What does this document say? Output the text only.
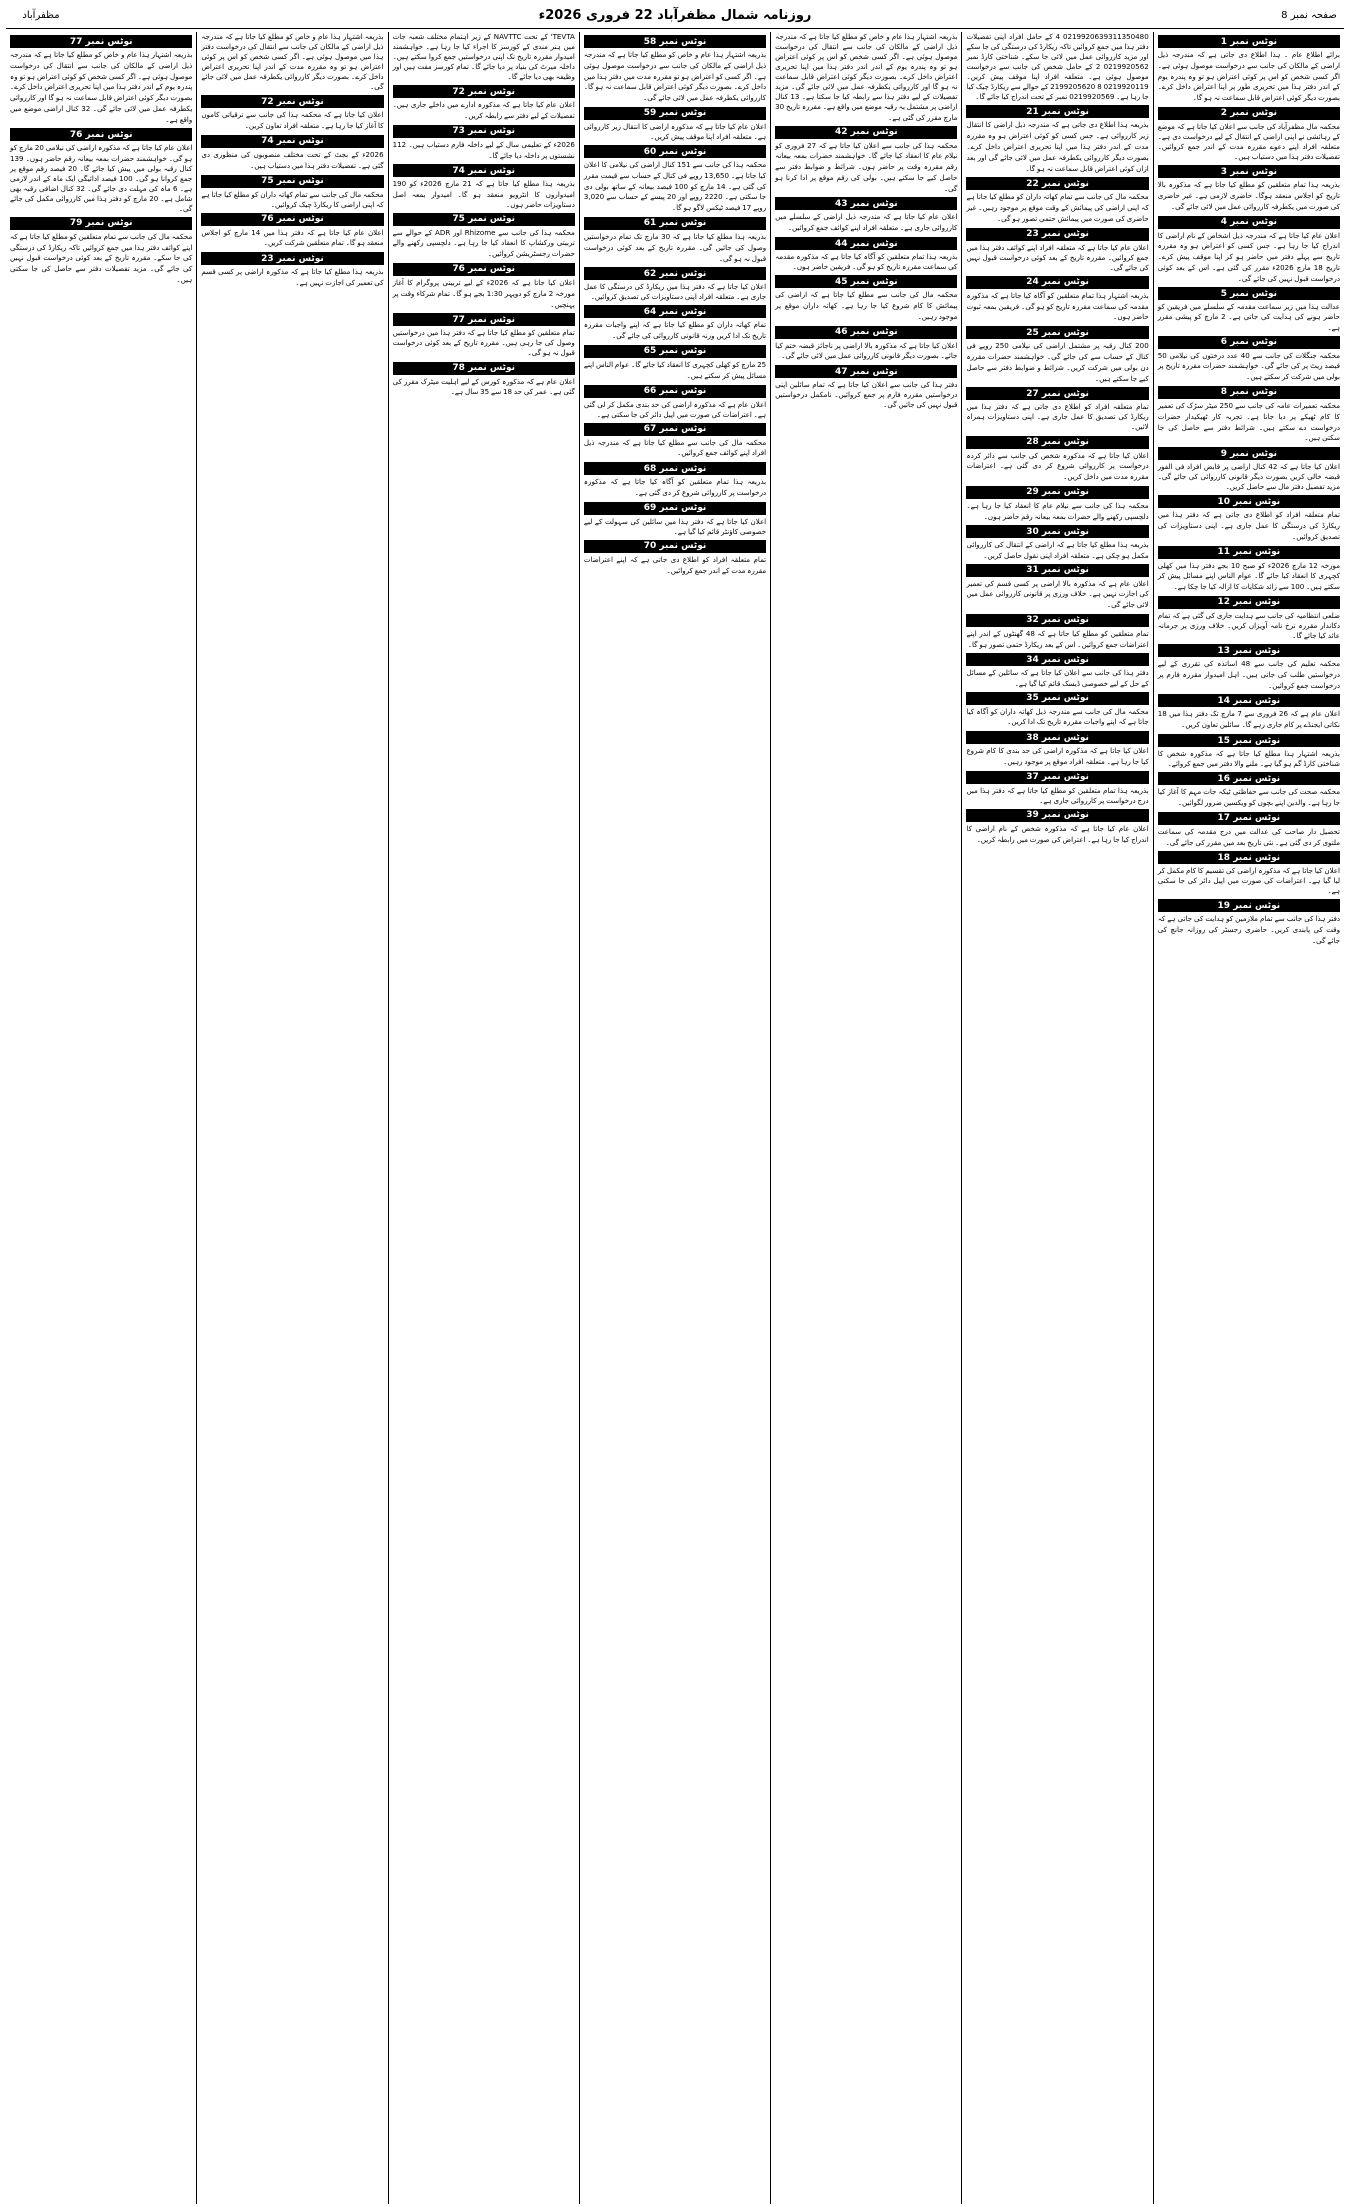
صفحہ نمبر 8
روزنامہ شمال مظفرآباد 22 فروری 2026ء
مظفرآباد
نوٹس نمبر 1
برائے اطلاع عام ۔ ہذا اطلاع دی جاتی ہے کہ مندرجہ ذیل اراضی کے مالکان کی جانب سے درخواست موصول ہوئی ہے۔ اگر کسی شخص کو اس پر کوئی اعتراض ہو تو وہ پندرہ یوم کے اندر دفتر ہذا میں تحریری طور پر اپنا اعتراض داخل کرے۔ بصورت دیگر کوئی اعتراض قابل سماعت نہ ہو گا۔
نوٹس نمبر 2
محکمہ مال مظفرآباد کی جانب سے اعلان کیا جاتا ہے کہ موضع کے رہائشی نے اپنی اراضی کے انتقال کے لیے درخواست دی ہے۔ متعلقہ افراد اپنے دعوے مقررہ مدت کے اندر جمع کروائیں۔ تفصیلات دفتر ہذا میں دستیاب ہیں۔
نوٹس نمبر 3
بذریعہ ہذا تمام متعلقین کو مطلع کیا جاتا ہے کہ مذکورہ بالا تاریخ کو اجلاس منعقد ہوگا۔ حاضری لازمی ہے۔ غیر حاضری کی صورت میں یکطرفہ کارروائی عمل میں لائی جائے گی۔
نوٹس نمبر 4
اعلان عام کیا جاتا ہے کہ مندرجہ ذیل اشخاص کے نام اراضی کا اندراج کیا جا رہا ہے۔ جس کسی کو اعتراض ہو وہ مقررہ تاریخ سے پہلے دفتر میں حاضر ہو کر اپنا موقف پیش کرے۔ تاریخ 18 مارچ 2026ء مقرر کی گئی ہے۔ اس کے بعد کوئی درخواست قبول نہیں کی جائے گی۔
نوٹس نمبر 5
عدالت ہذا میں زیر سماعت مقدمہ کے سلسلے میں فریقین کو حاضر ہونے کی ہدایت کی جاتی ہے۔ 2 مارچ کو پیشی مقرر ہے۔
نوٹس نمبر 6
محکمہ جنگلات کی جانب سے 40 عدد درختوں کی نیلامی 50 فیصد ریٹ پر کی جائے گی۔ خواہشمند حضرات مقررہ تاریخ پر بولی میں شرکت کر سکتے ہیں۔
نوٹس نمبر 8
محکمہ تعمیرات عامہ کی جانب سے 250 میٹر سڑک کی تعمیر کا کام ٹھیکے پر دیا جانا ہے۔ تجربہ کار ٹھیکیدار حضرات درخواست دے سکتے ہیں۔ شرائط دفتر سے حاصل کی جا سکتی ہیں۔
نوٹس نمبر 9
اعلان کیا جاتا ہے کہ 42 کنال اراضی پر قابض افراد فی الفور قبضہ خالی کریں بصورت دیگر قانونی کارروائی کی جائے گی۔ مزید تفصیل دفتر مال سے حاصل کریں۔
نوٹس نمبر 10
تمام متعلقہ افراد کو اطلاع دی جاتی ہے کہ دفتر ہذا میں ریکارڈ کی درستگی کا عمل جاری ہے۔ اپنی دستاویزات کی تصدیق کروائیں۔
نوٹس نمبر 11
مورخہ 12 مارچ 2026ء کو صبح 10 بجے دفتر ہذا میں کھلی کچہری کا انعقاد کیا جائے گا۔ عوام الناس اپنے مسائل پیش کر سکتے ہیں۔ 100 سے زائد شکایات کا ازالہ کیا جا چکا ہے۔
نوٹس نمبر 12
ضلعی انتظامیہ کی جانب سے ہدایت جاری کی گئی ہے کہ تمام دکاندار مقررہ نرخ نامہ آویزاں کریں۔ خلاف ورزی پر جرمانہ عائد کیا جائے گا۔
نوٹس نمبر 13
محکمہ تعلیم کی جانب سے 48 اساتذہ کی تقرری کے لیے درخواستیں طلب کی جاتی ہیں۔ اہل امیدوار مقررہ فارم پر درخواست جمع کروائیں۔
نوٹس نمبر 14
اعلان عام ہے کہ 26 فروری سے 7 مارچ تک دفتر ہذا میں 18 نکاتی ایجنڈے پر کام جاری رہے گا۔ سائلین تعاون کریں۔
نوٹس نمبر 15
بذریعہ اشتہار ہذا مطلع کیا جاتا ہے کہ مذکورہ شخص کا شناختی کارڈ گم ہو گیا ہے۔ ملنے والا دفتر میں جمع کروائے۔
نوٹس نمبر 16
محکمہ صحت کی جانب سے حفاظتی ٹیکہ جات مہم کا آغاز کیا جا رہا ہے۔ والدین اپنے بچوں کو ویکسین ضرور لگوائیں۔
نوٹس نمبر 17
تحصیل دار صاحب کی عدالت میں درج مقدمہ کی سماعت ملتوی کر دی گئی ہے۔ نئی تاریخ بعد میں مقرر کی جائے گی۔
نوٹس نمبر 18
اعلان کیا جاتا ہے کہ مذکورہ اراضی کی تقسیم کا کام مکمل کر لیا گیا ہے۔ اعتراضات کی صورت میں اپیل دائر کی جا سکتی ہے۔
نوٹس نمبر 19
دفتر ہذا کی جانب سے تمام ملازمین کو ہدایت کی جاتی ہے کہ وقت کی پابندی کریں۔ حاضری رجسٹر کی روزانہ جانچ کی جائے گی۔
0219920639311350480 4 کے حامل افراد اپنی تفصیلات دفتر ہذا میں جمع کروائیں تاکہ ریکارڈ کی درستگی کی جا سکے اور مزید کارروائی عمل میں لائی جا سکے۔ شناختی کارڈ نمبر 0219920562 2 کے حامل شخص کی جانب سے درخواست موصول ہوئی ہے۔ متعلقہ افراد اپنا موقف پیش کریں۔ 0219920119 8 2199205620 کے حوالے سے ریکارڈ چیک کیا جا رہا ہے۔ 0219920569 نمبر کے تحت اندراج کیا جائے گا۔
نوٹس نمبر 21
بذریعہ ہذا اطلاع دی جاتی ہے کہ مندرجہ ذیل اراضی کا انتقال زیر کارروائی ہے۔ جس کسی کو کوئی اعتراض ہو وہ مقررہ مدت کے اندر دفتر ہذا میں اپنا تحریری اعتراض داخل کرے۔ بصورت دیگر کارروائی یکطرفہ عمل میں لائی جائے گی اور بعد ازاں کوئی اعتراض قابل سماعت نہ ہو گا۔
نوٹس نمبر 22
محکمہ مال کی جانب سے تمام کھاتہ داران کو مطلع کیا جاتا ہے کہ اپنی اراضی کی پیمائش کے وقت موقع پر موجود رہیں۔ غیر حاضری کی صورت میں پیمائش حتمی تصور ہو گی۔
نوٹس نمبر 23
اعلان عام کیا جاتا ہے کہ متعلقہ افراد اپنے کوائف دفتر ہذا میں جمع کروائیں۔ مقررہ تاریخ کے بعد کوئی درخواست قبول نہیں کی جائے گی۔
نوٹس نمبر 24
بذریعہ اشتہار ہذا تمام متعلقین کو آگاہ کیا جاتا ہے کہ مذکورہ مقدمہ کی سماعت مقررہ تاریخ کو ہو گی۔ فریقین بمعہ ثبوت حاضر ہوں۔
نوٹس نمبر 25
200 کنال رقبہ پر مشتمل اراضی کی نیلامی 250 روپے فی کنال کے حساب سے کی جائے گی۔ خواہشمند حضرات مقررہ دن بولی میں شرکت کریں۔ شرائط و ضوابط دفتر سے حاصل کیے جا سکتے ہیں۔
نوٹس نمبر 27
تمام متعلقہ افراد کو اطلاع دی جاتی ہے کہ دفتر ہذا میں ریکارڈ کی تصدیق کا عمل جاری ہے۔ اپنی دستاویزات ہمراہ لائیں۔
نوٹس نمبر 28
اعلان کیا جاتا ہے کہ مذکورہ شخص کی جانب سے دائر کردہ درخواست پر کارروائی شروع کر دی گئی ہے۔ اعتراضات مقررہ مدت میں داخل کریں۔
نوٹس نمبر 29
محکمہ ہذا کی جانب سے نیلام عام کا انعقاد کیا جا رہا ہے۔ دلچسپی رکھنے والے حضرات بمعہ بیعانہ رقم حاضر ہوں۔
نوٹس نمبر 30
بذریعہ ہذا مطلع کیا جاتا ہے کہ اراضی کے انتقال کی کارروائی مکمل ہو چکی ہے۔ متعلقہ افراد اپنی نقول حاصل کریں۔
نوٹس نمبر 31
اعلان عام ہے کہ مذکورہ بالا اراضی پر کسی قسم کی تعمیر کی اجازت نہیں ہے۔ خلاف ورزی پر قانونی کارروائی عمل میں لائی جائے گی۔
نوٹس نمبر 32
تمام متعلقین کو مطلع کیا جاتا ہے کہ 48 گھنٹوں کے اندر اپنے اعتراضات جمع کروائیں۔ اس کے بعد ریکارڈ حتمی تصور ہو گا۔
نوٹس نمبر 34
دفتر ہذا کی جانب سے اعلان کیا جاتا ہے کہ سائلین کے مسائل کے حل کے لیے خصوصی ڈیسک قائم کیا گیا ہے۔
نوٹس نمبر 35
محکمہ مال کی جانب سے مندرجہ ذیل کھاتہ داران کو آگاہ کیا جاتا ہے کہ اپنے واجبات مقررہ تاریخ تک ادا کریں۔
نوٹس نمبر 38
اعلان کیا جاتا ہے کہ مذکورہ اراضی کی حد بندی کا کام شروع کیا جا رہا ہے۔ متعلقہ افراد موقع پر موجود رہیں۔
نوٹس نمبر 37
بذریعہ ہذا تمام متعلقین کو مطلع کیا جاتا ہے کہ دفتر ہذا میں درج درخواست پر کارروائی جاری ہے۔
نوٹس نمبر 39
اعلان عام کیا جاتا ہے کہ مذکورہ شخص کے نام اراضی کا اندراج کیا جا رہا ہے۔ اعتراض کی صورت میں رابطہ کریں۔
بذریعہ اشتہار ہذا عام و خاص کو مطلع کیا جاتا ہے کہ مندرجہ ذیل اراضی کے مالکان کی جانب سے انتقال کی درخواست موصول ہوئی ہے۔ اگر کسی شخص کو اس پر کوئی اعتراض ہو تو وہ پندرہ یوم کے اندر اندر دفتر ہذا میں اپنا تحریری اعتراض داخل کرے۔ بصورت دیگر کوئی اعتراض قابل سماعت نہ ہو گا اور کارروائی یکطرفہ عمل میں لائی جائے گی۔ مزید تفصیلات کے لیے دفتر ہذا سے رابطہ کیا جا سکتا ہے۔ 13 کنال اراضی پر مشتمل یہ رقبہ موضع میں واقع ہے۔ مقررہ تاریخ 30 مارچ مقرر کی گئی ہے۔
نوٹس نمبر 42
محکمہ ہذا کی جانب سے اعلان کیا جاتا ہے کہ 27 فروری کو نیلام عام کا انعقاد کیا جائے گا۔ خواہشمند حضرات بمعہ بیعانہ رقم مقررہ وقت پر حاضر ہوں۔ شرائط و ضوابط دفتر سے حاصل کیے جا سکتے ہیں۔ بولی کی رقم موقع پر ادا کرنا ہو گی۔
نوٹس نمبر 43
اعلان عام کیا جاتا ہے کہ مندرجہ ذیل اراضی کے سلسلے میں کارروائی جاری ہے۔ متعلقہ افراد اپنے کوائف جمع کروائیں۔
نوٹس نمبر 44
بذریعہ ہذا تمام متعلقین کو آگاہ کیا جاتا ہے کہ مذکورہ مقدمہ کی سماعت مقررہ تاریخ کو ہو گی۔ فریقین حاضر ہوں۔
نوٹس نمبر 45
محکمہ مال کی جانب سے مطلع کیا جاتا ہے کہ اراضی کی پیمائش کا کام شروع کیا جا رہا ہے۔ کھاتہ داران موقع پر موجود رہیں۔
نوٹس نمبر 46
اعلان کیا جاتا ہے کہ مذکورہ بالا اراضی پر ناجائز قبضہ ختم کیا جائے۔ بصورت دیگر قانونی کارروائی عمل میں لائی جائے گی۔
نوٹس نمبر 47
دفتر ہذا کی جانب سے اعلان کیا جاتا ہے کہ تمام سائلین اپنی درخواستیں مقررہ فارم پر جمع کروائیں۔ نامکمل درخواستیں قبول نہیں کی جائیں گی۔
نوٹس نمبر 58
بذریعہ اشتہار ہذا عام و خاص کو مطلع کیا جاتا ہے کہ مندرجہ ذیل اراضی کے مالکان کی جانب سے درخواست موصول ہوئی ہے۔ اگر کسی کو اعتراض ہو تو مقررہ مدت میں دفتر ہذا میں داخل کرے۔ بصورت دیگر کوئی اعتراض قابل سماعت نہ ہو گا۔ کارروائی یکطرفہ عمل میں لائی جائے گی۔
نوٹس نمبر 59
اعلان عام کیا جاتا ہے کہ مذکورہ اراضی کا انتقال زیر کارروائی ہے۔ متعلقہ افراد اپنا موقف پیش کریں۔
نوٹس نمبر 60
محکمہ ہذا کی جانب سے 151 کنال اراضی کی نیلامی کا اعلان کیا جاتا ہے۔ 13,650 روپے فی کنال کے حساب سے قیمت مقرر کی گئی ہے۔ 14 مارچ کو 100 فیصد بیعانہ کے ساتھ بولی دی جا سکتی ہے۔ 2220 روپے اور 20 پیسے کے حساب سے 3,020 روپے 17 فیصد ٹیکس لاگو ہو گا۔
نوٹس نمبر 61
بذریعہ ہذا مطلع کیا جاتا ہے کہ 30 مارچ تک تمام درخواستیں وصول کی جائیں گی۔ مقررہ تاریخ کے بعد کوئی درخواست قبول نہ ہو گی۔
نوٹس نمبر 62
اعلان کیا جاتا ہے کہ دفتر ہذا میں ریکارڈ کی درستگی کا عمل جاری ہے۔ متعلقہ افراد اپنی دستاویزات کی تصدیق کروائیں۔
نوٹس نمبر 64
تمام کھاتہ داران کو مطلع کیا جاتا ہے کہ اپنے واجبات مقررہ تاریخ تک ادا کریں ورنہ قانونی کارروائی کی جائے گی۔
نوٹس نمبر 65
25 مارچ کو کھلی کچہری کا انعقاد کیا جائے گا۔ عوام الناس اپنے مسائل پیش کر سکتے ہیں۔
نوٹس نمبر 66
اعلان عام ہے کہ مذکورہ اراضی کی حد بندی مکمل کر لی گئی ہے۔ اعتراضات کی صورت میں اپیل دائر کی جا سکتی ہے۔
نوٹس نمبر 67
محکمہ مال کی جانب سے مطلع کیا جاتا ہے کہ مندرجہ ذیل افراد اپنے کوائف جمع کروائیں۔
نوٹس نمبر 68
بذریعہ ہذا تمام متعلقین کو آگاہ کیا جاتا ہے کہ مذکورہ درخواست پر کارروائی شروع کر دی گئی ہے۔
نوٹس نمبر 69
اعلان کیا جاتا ہے کہ دفتر ہذا میں سائلین کی سہولت کے لیے خصوصی کاؤنٹر قائم کیا گیا ہے۔
نوٹس نمبر 70
تمام متعلقہ افراد کو اطلاع دی جاتی ہے کہ اپنے اعتراضات مقررہ مدت کے اندر جمع کروائیں۔
TEVTA' کے تحت NAVTTC کے زیر اہتمام مختلف شعبہ جات میں ہنر مندی کے کورسز کا اجراء کیا جا رہا ہے۔ خواہشمند امیدوار مقررہ تاریخ تک اپنی درخواستیں جمع کروا سکتے ہیں۔ داخلہ میرٹ کی بنیاد پر دیا جائے گا۔ تمام کورسز مفت ہیں اور وظیفہ بھی دیا جائے گا۔
نوٹس نمبر 72
اعلان عام کیا جاتا ہے کہ مذکورہ ادارے میں داخلے جاری ہیں۔ تفصیلات کے لیے دفتر سے رابطہ کریں۔
نوٹس نمبر 73
2026ء کے تعلیمی سال کے لیے داخلہ فارم دستیاب ہیں۔ 112 نشستوں پر داخلہ دیا جائے گا۔
نوٹس نمبر 74
بذریعہ ہذا مطلع کیا جاتا ہے کہ 21 مارچ 2026ء کو 190 امیدواروں کا انٹرویو منعقد ہو گا۔ امیدوار بمعہ اصل دستاویزات حاضر ہوں۔
نوٹس نمبر 75
محکمہ ہذا کی جانب سے Rhizome اور ADR کے حوالے سے تربیتی ورکشاپ کا انعقاد کیا جا رہا ہے۔ دلچسپی رکھنے والے حضرات رجسٹریشن کروائیں۔
نوٹس نمبر 76
اعلان کیا جاتا ہے کہ 2026ء کے لیے تربیتی پروگرام کا آغاز مورخہ 2 مارچ کو دوپہر 1:30 بجے ہو گا۔ تمام شرکاء وقت پر پہنچیں۔
نوٹس نمبر 77
تمام متعلقین کو مطلع کیا جاتا ہے کہ دفتر ہذا میں درخواستیں وصول کی جا رہی ہیں۔ مقررہ تاریخ کے بعد کوئی درخواست قبول نہ ہو گی۔
نوٹس نمبر 78
اعلان عام ہے کہ مذکورہ کورس کے لیے اہلیت میٹرک مقرر کی گئی ہے۔ عمر کی حد 18 سے 35 سال ہے۔
بذریعہ اشتہار ہذا عام و خاص کو مطلع کیا جاتا ہے کہ مندرجہ ذیل اراضی کے مالکان کی جانب سے انتقال کی درخواست دفتر ہذا میں موصول ہوئی ہے۔ اگر کسی شخص کو اس پر کوئی اعتراض ہو تو وہ مقررہ مدت کے اندر اپنا تحریری اعتراض داخل کرے۔ بصورت دیگر کارروائی یکطرفہ عمل میں لائی جائے گی۔
نوٹس نمبر 72
اعلان کیا جاتا ہے کہ محکمہ ہذا کی جانب سے ترقیاتی کاموں کا آغاز کیا جا رہا ہے۔ متعلقہ افراد تعاون کریں۔
نوٹس نمبر 74
2026ء کے بجٹ کے تحت مختلف منصوبوں کی منظوری دی گئی ہے۔ تفصیلات دفتر ہذا میں دستیاب ہیں۔
نوٹس نمبر 75
محکمہ مال کی جانب سے تمام کھاتہ داران کو مطلع کیا جاتا ہے کہ اپنی اراضی کا ریکارڈ چیک کروائیں۔
نوٹس نمبر 76
اعلان عام کیا جاتا ہے کہ دفتر ہذا میں 14 مارچ کو اجلاس منعقد ہو گا۔ تمام متعلقین شرکت کریں۔
نوٹس نمبر 23
بذریعہ ہذا مطلع کیا جاتا ہے کہ مذکورہ اراضی پر کسی قسم کی تعمیر کی اجازت نہیں ہے۔
نوٹس نمبر 77
بذریعہ اشتہار ہذا عام و خاص کو مطلع کیا جاتا ہے کہ مندرجہ ذیل اراضی کے مالکان کی جانب سے انتقال کی درخواست موصول ہوئی ہے۔ اگر کسی شخص کو کوئی اعتراض ہو تو وہ پندرہ یوم کے اندر دفتر ہذا میں اپنا تحریری اعتراض داخل کرے۔ بصورت دیگر کوئی اعتراض قابل سماعت نہ ہو گا اور کارروائی یکطرفہ عمل میں لائی جائے گی۔ 32 کنال اراضی موضع میں واقع ہے۔
نوٹس نمبر 76
اعلان عام کیا جاتا ہے کہ مذکورہ اراضی کی نیلامی 20 مارچ کو ہو گی۔ خواہشمند حضرات بمعہ بیعانہ رقم حاضر ہوں۔ 139 کنال رقبہ بولی میں پیش کیا جائے گا۔ 20 فیصد رقم موقع پر جمع کروانا ہو گی۔ 100 فیصد ادائیگی ایک ماہ کے اندر لازمی ہے۔ 6 ماہ کی مہلت دی جائے گی۔ 32 کنال اضافی رقبہ بھی شامل ہے۔ 20 مارچ کو دفتر ہذا میں کارروائی مکمل کی جائے گی۔
نوٹس نمبر 79
محکمہ مال کی جانب سے تمام متعلقین کو مطلع کیا جاتا ہے کہ اپنے کوائف دفتر ہذا میں جمع کروائیں تاکہ ریکارڈ کی درستگی کی جا سکے۔ مقررہ تاریخ کے بعد کوئی درخواست قبول نہیں کی جائے گی۔ مزید تفصیلات دفتر سے حاصل کی جا سکتی ہیں۔
